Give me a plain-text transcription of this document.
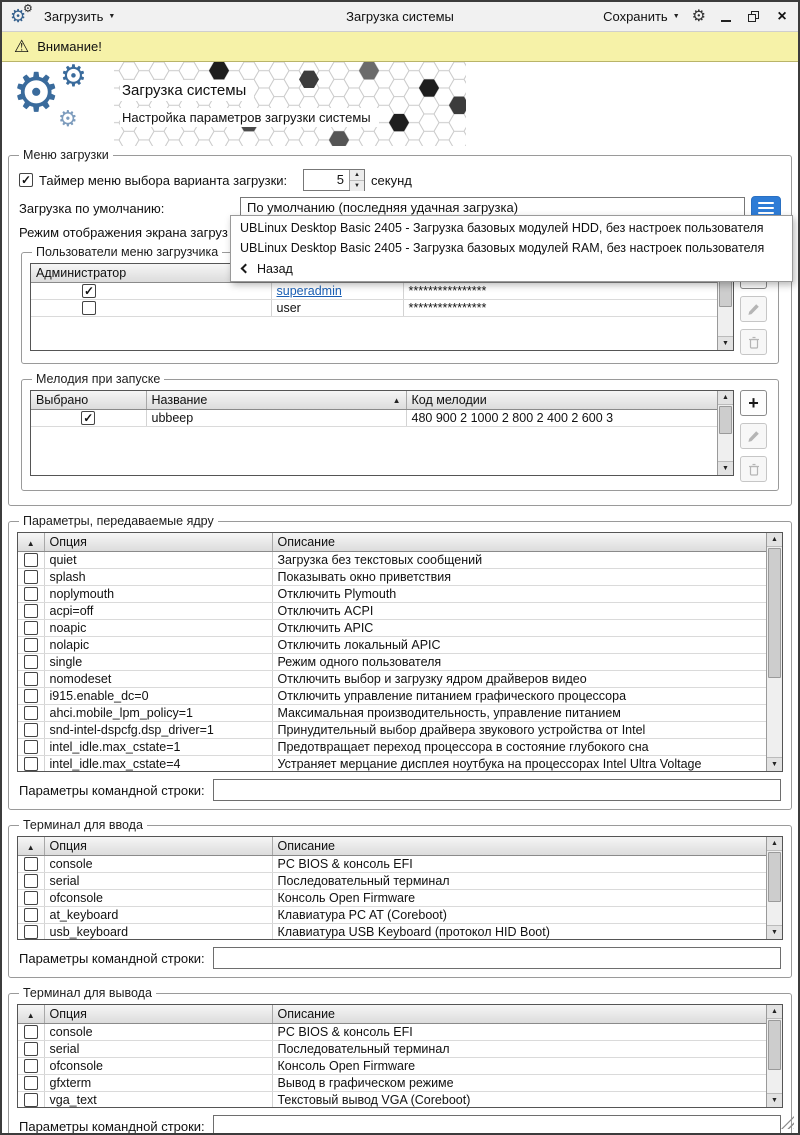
⚙
⚙
Загрузить ▼	Загрузка системы	Сохранить ▼ ⚙	×
⚠ Внимание!
⚙ ⚙
⚙
Загрузка системы
Настройка параметров загрузки системы
Меню загрузки
✓
Таймер меню выбора варианта загрузки:	5	▲
▼ секунд
Загрузка по умолчанию:	По умолчанию (последняя удачная загрузка)
Режим отображения экрана загруз
Пользователи меню загрузчика
Администратор		
✓	superadmin	****************
	user	****************
▼
Мелодия при запуске
Выбрано	Название ▲	Код мелодии
✓	ubbeep	480 900 2 1000 2 800 2 400 2 600 3
▲
▼
+
Параметры, передаваемые ядру
▲	Опция	Описание
	quiet	Загрузка без текстовых сообщений
	splash	Показывать окно приветствия
	noplymouth	Отключить Plymouth
	acpi=off	Отключить ACPI
	noapic	Отключить APIC
	nolapic	Отключить локальный APIC
	single	Режим одного пользователя
	nomodeset	Отключить выбор и загрузку ядром драйверов видео
	i915.enable_dc=0	Отключить управление питанием графического процессора
	ahci.mobile_lpm_policy=1	Максимальная производительность, управление питанием
	snd-intel-dspcfg.dsp_driver=1	Принудительный выбор драйвера звукового устройства от Intel
	intel_idle.max_cstate=1	Предотвращает переход процессора в состояние глубокого сна
	intel_idle.max_cstate=4	Устраняет мерцание дисплея ноутбука на процессорах Intel Ultra Voltage
▲
▼
Параметры командной строки:
Терминал для ввода
▲	Опция	Описание
	console	PC BIOS & консоль EFI
	serial	Последовательный терминал
	ofconsole	Консоль Open Firmware
	at_keyboard	Клавиатура PC AT (Coreboot)
	usb_keyboard	Клавиатура USB Keyboard (протокол HID Boot)
▲
▼
Параметры командной строки:
Терминал для вывода
▲	Опция	Описание
	console	PC BIOS & консоль EFI
	serial	Последовательный терминал
	ofconsole	Консоль Open Firmware
	gfxterm	Вывод в графическом режиме
	vga_text	Текстовый вывод VGA (Coreboot)
▲
▼
Параметры командной строки:
UBLinux Desktop Basic 2405 - Загрузка базовых модулей HDD, без настроек пользователя
UBLinux Desktop Basic 2405 - Загрузка базовых модулей RAM, без настроек пользователя
Назад
